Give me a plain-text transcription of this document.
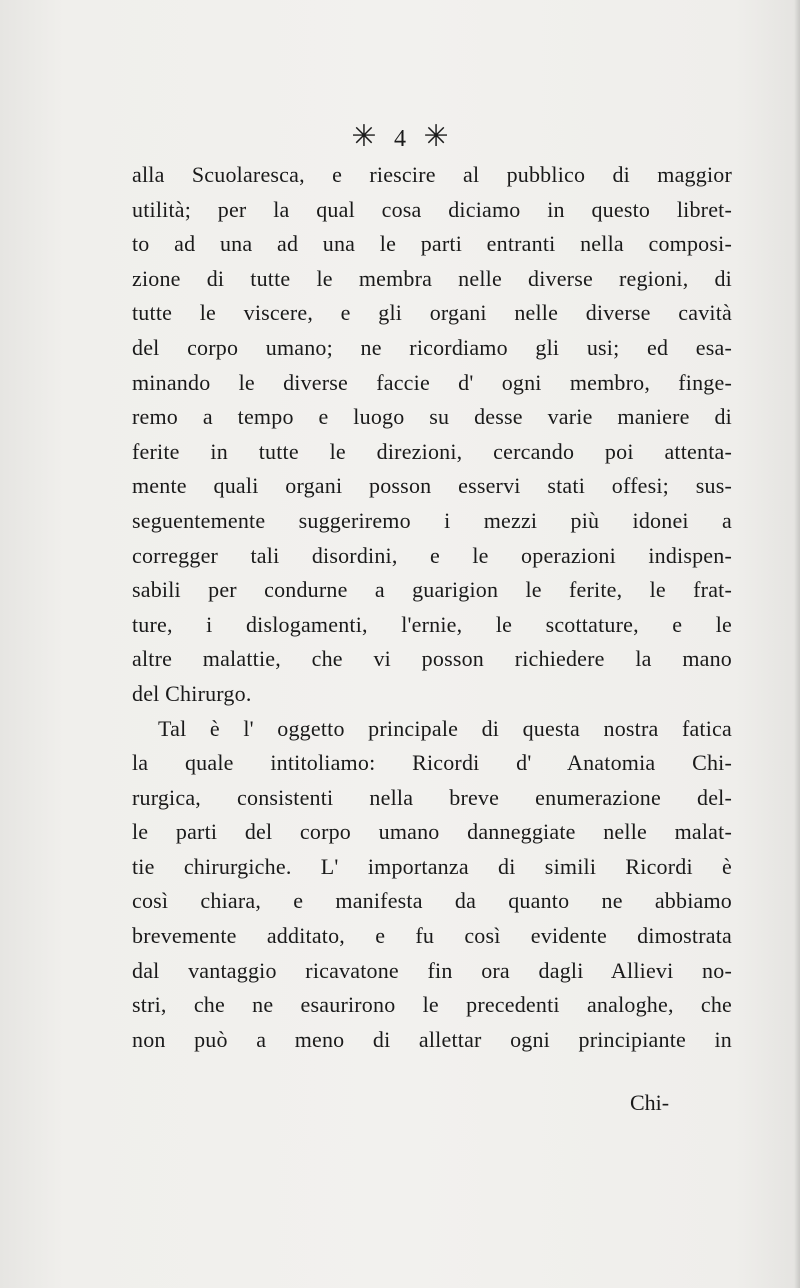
✳ 4 ✳
alla Scuolaresca, e riescire al pubblico di maggior
utilità; per la qual cosa diciamo in questo libret-
to ad una ad una le parti entranti nella composi-
zione di tutte le membra nelle diverse regioni, di
tutte le viscere, e gli organi nelle diverse cavità
del corpo umano; ne ricordiamo gli usi; ed esa-
minando le diverse faccie d' ogni membro, finge-
remo a tempo e luogo su desse varie maniere di
ferite in tutte le direzioni, cercando poi attenta-
mente quali organi posson esservi stati offesi; sus-
seguentemente suggeriremo i mezzi più idonei a
corregger tali disordini, e le operazioni indispen-
sabili per condurne a guarigion le ferite, le frat-
ture, i dislogamenti, l'ernie, le scottature, e le
altre malattie, che vi posson richiedere la mano
del Chirurgo.
Tal è l' oggetto principale di questa nostra fatica
la quale intitoliamo: Ricordi d' Anatomia Chi-
rurgica, consistenti nella breve enumerazione del-
le parti del corpo umano danneggiate nelle malat-
tie chirurgiche. L' importanza di simili Ricordi è
così chiara, e manifesta da quanto ne abbiamo
brevemente additato, e fu così evidente dimostrata
dal vantaggio ricavatone fin ora dagli Allievi no-
stri, che ne esaurirono le precedenti analoghe, che
non può a meno di allettar ogni principiante in
Chi-
